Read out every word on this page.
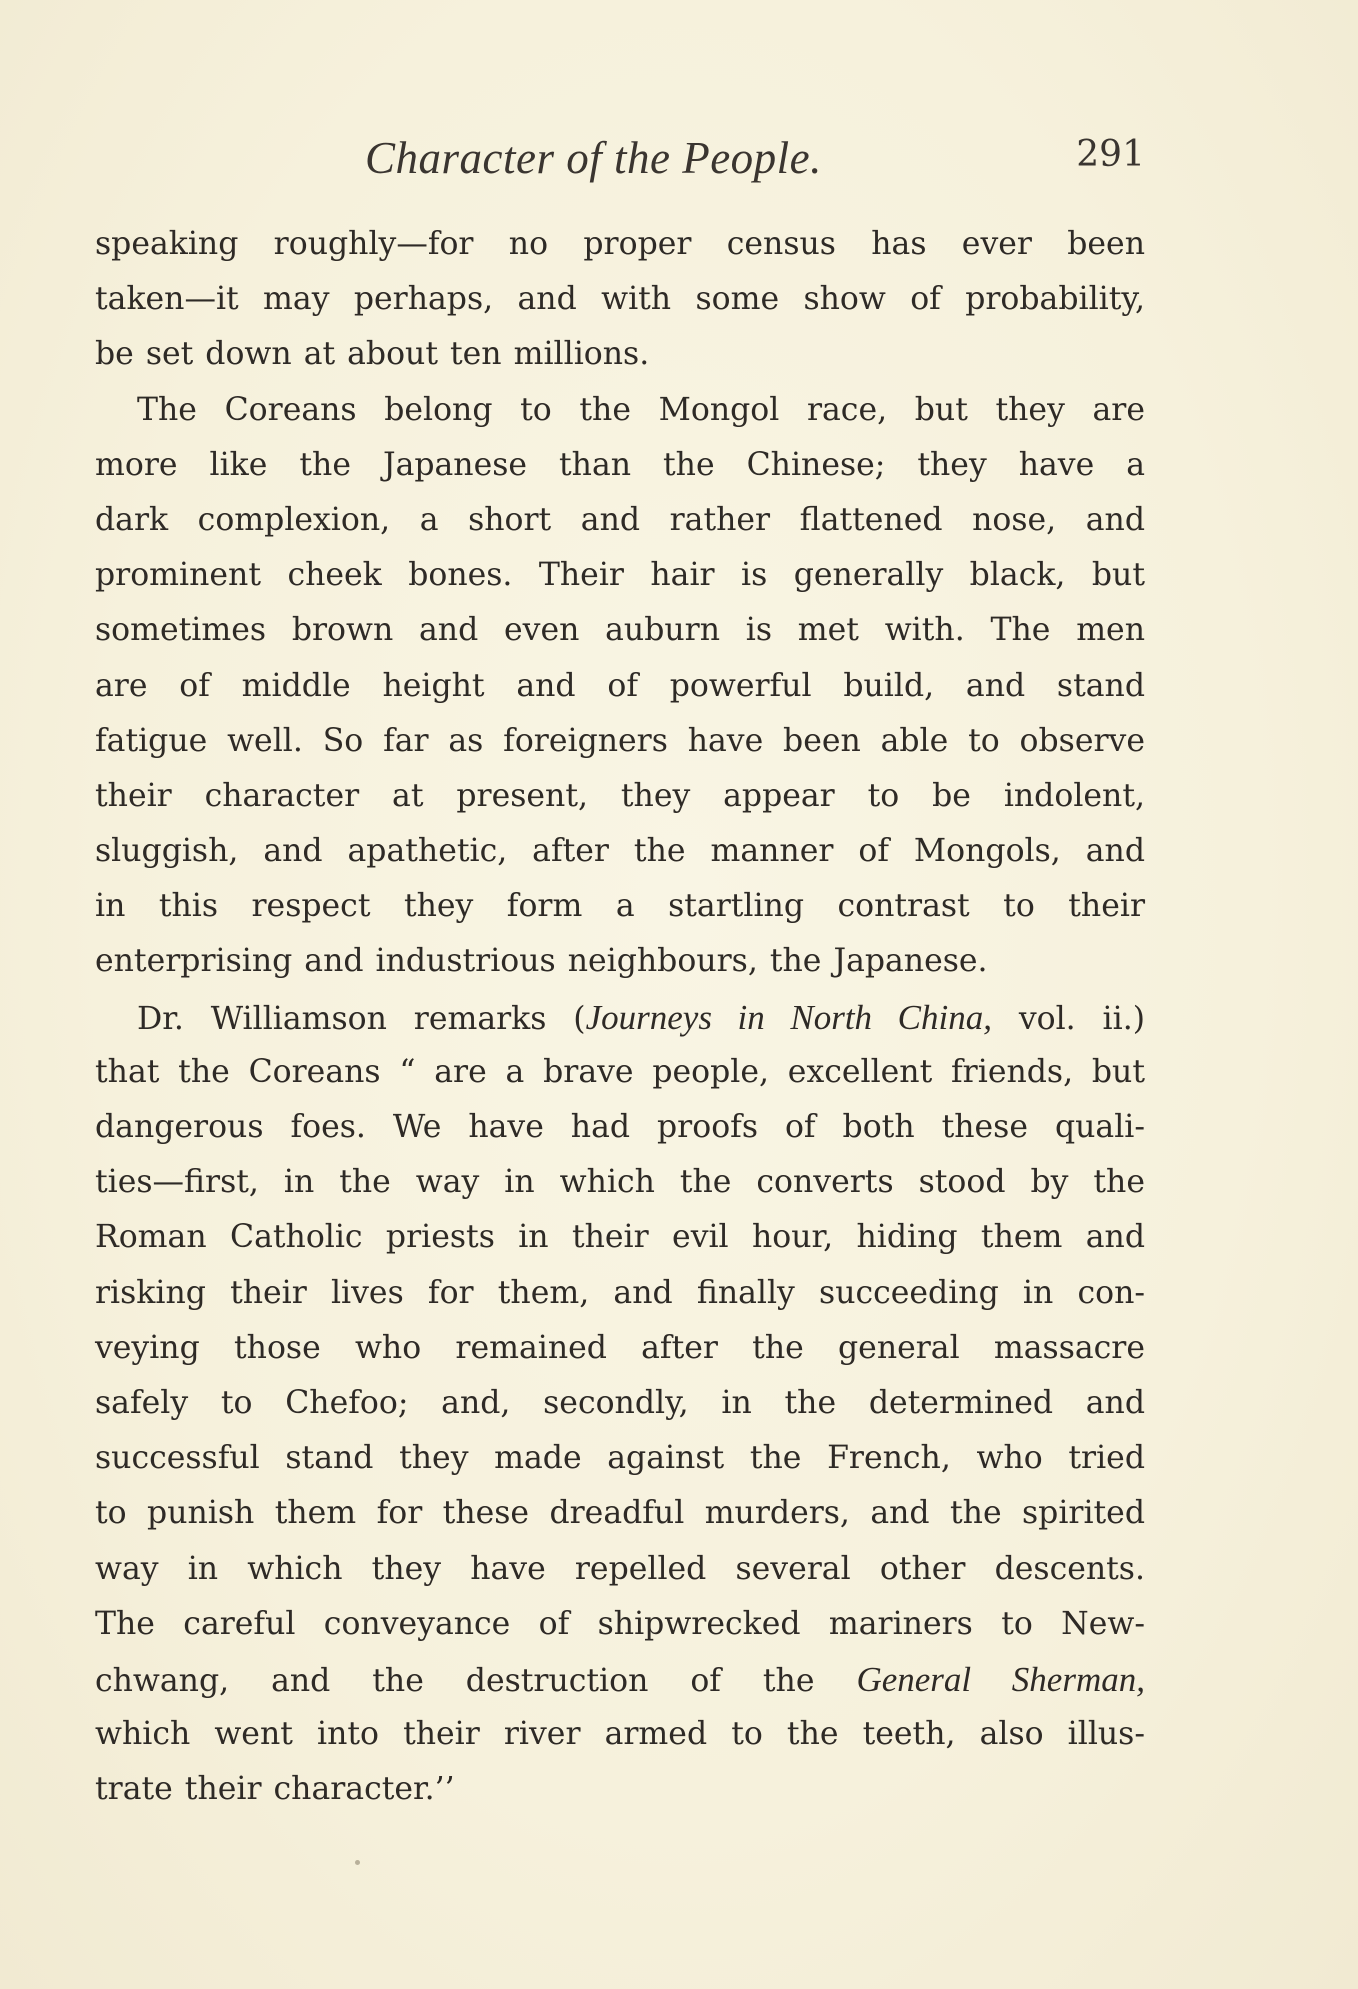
Character of the People.	291
speaking roughly—for no proper census has ever been
taken—it may perhaps, and with some show of probability,
be set down at about ten millions.
The Coreans belong to the Mongol race, but they are
more like the Japanese than the Chinese; they have a
dark complexion, a short and rather flattened nose, and
prominent cheek bones. Their hair is generally black, but
sometimes brown and even auburn is met with. The men
are of middle height and of powerful build, and stand
fatigue well. So far as foreigners have been able to observe
their character at present, they appear to be indolent,
sluggish, and apathetic, after the manner of Mongols, and
in this respect they form a startling contrast to their
enterprising and industrious neighbours, the Japanese.
Dr. Williamson remarks (Journeys in North China, vol. ii.)
that the Coreans “ are a brave people, excellent friends, but
dangerous foes. We have had proofs of both these quali-
ties—first, in the way in which the converts stood by the
Roman Catholic priests in their evil hour, hiding them and
risking their lives for them, and finally succeeding in con-
veying those who remained after the general massacre
safely to Chefoo; and, secondly, in the determined and
successful stand they made against the French, who tried
to punish them for these dreadful murders, and the spirited
way in which they have repelled several other descents.
The careful conveyance of shipwrecked mariners to New-
chwang, and the destruction of the General Sherman,
which went into their river armed to the teeth, also illus-
trate their character.’’
